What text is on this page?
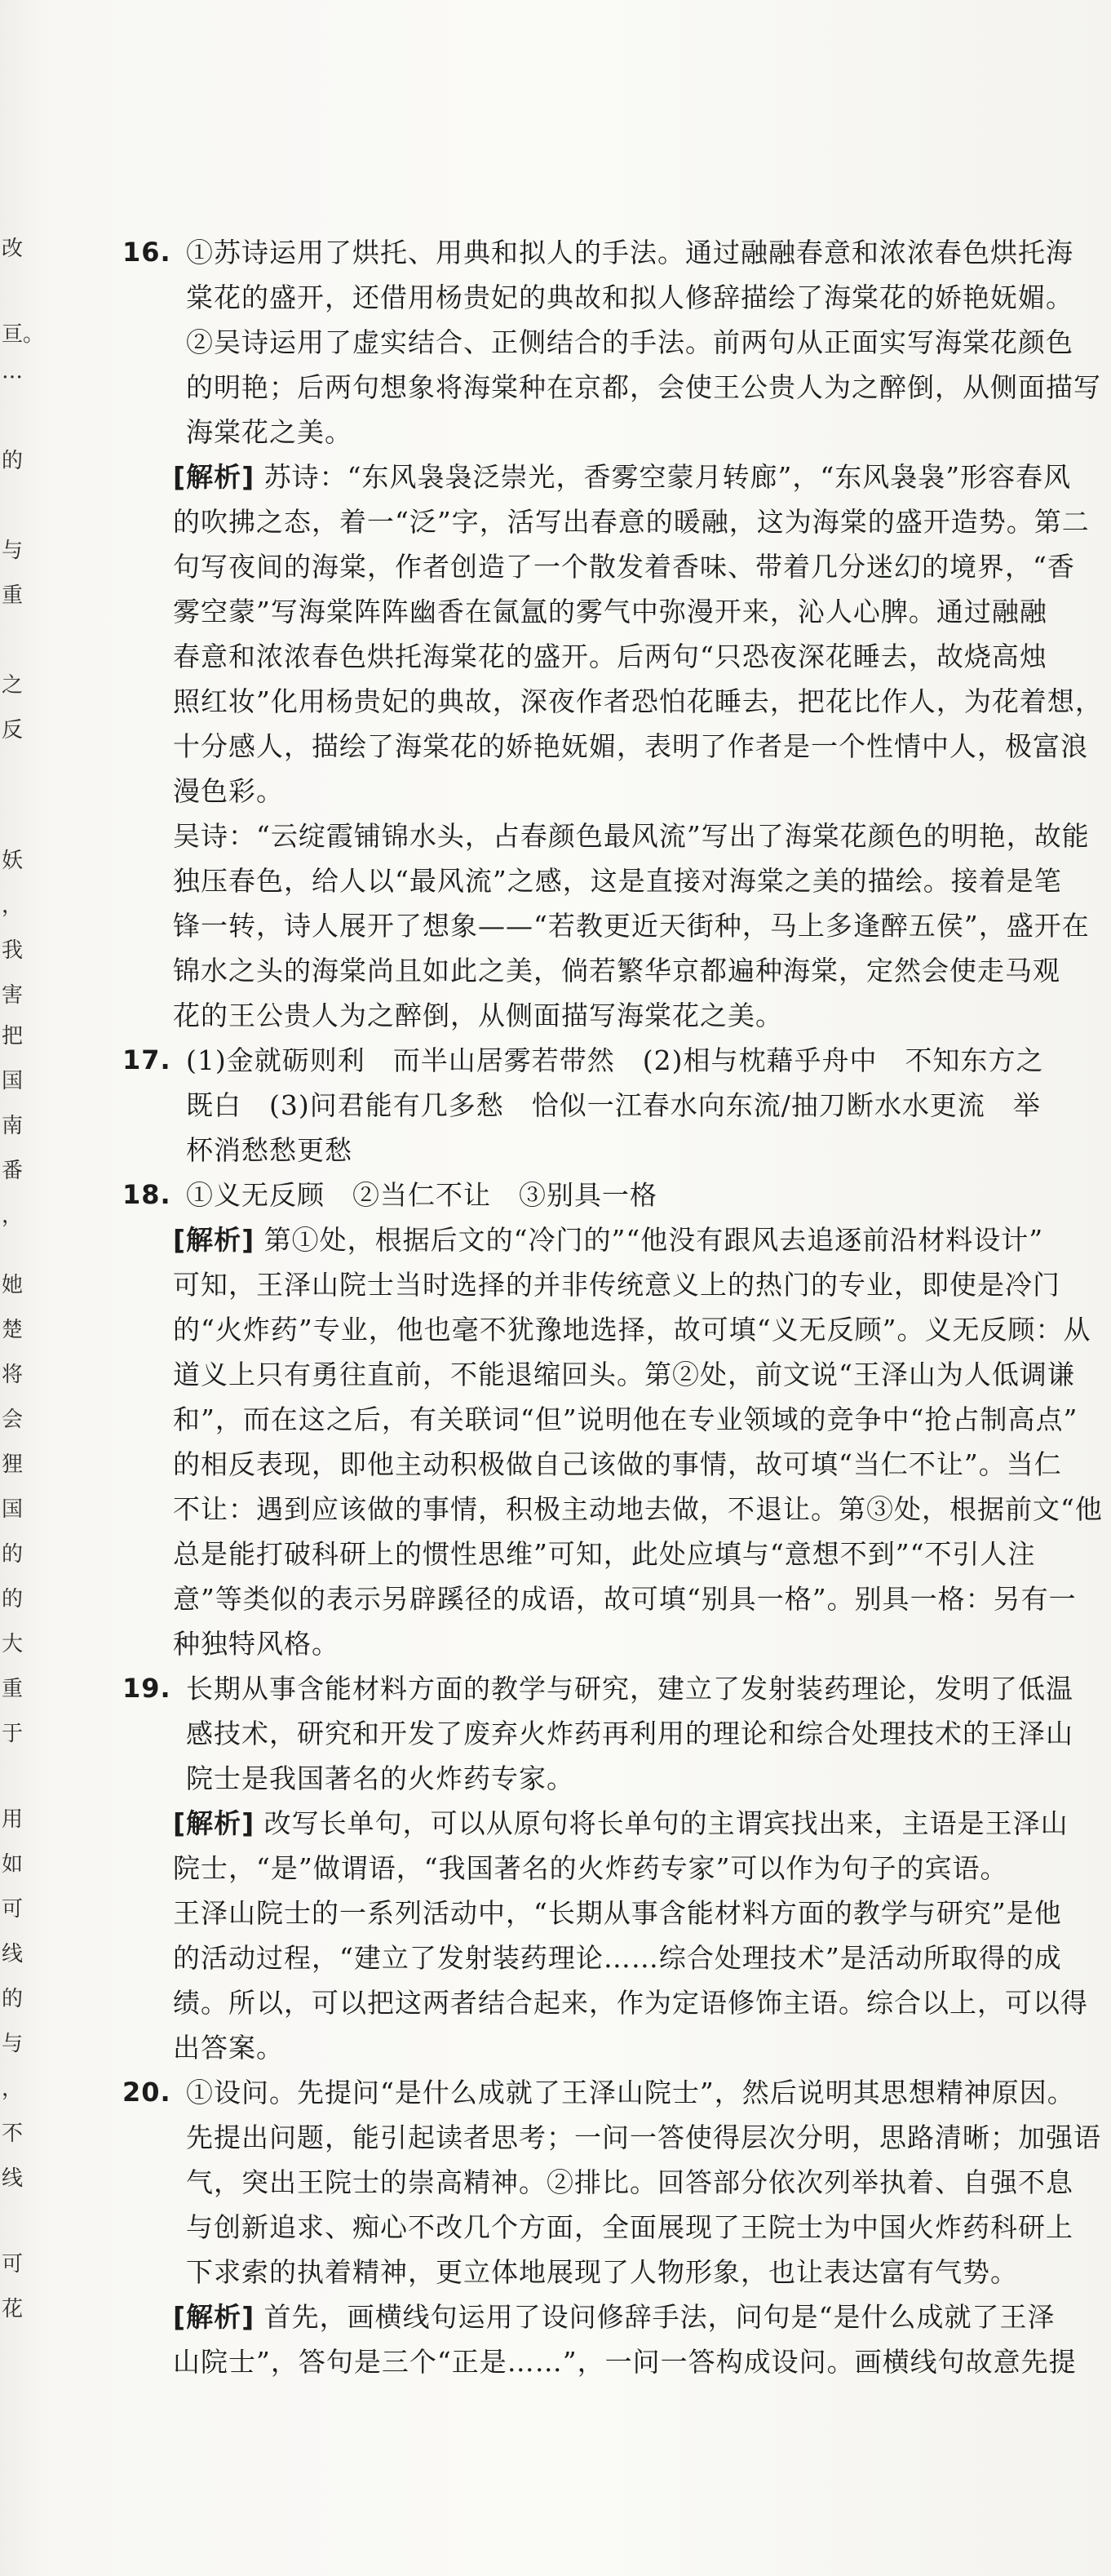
改
亘。
…
的
与
重
之
反
妖
，
我
害
把
国
南
番
，
她
楚
将
会
狸
国
的
的
大
重
于
用
如
可
线
的
与
，
不
线
可
花
16. ①苏诗运用了烘托、用典和拟人的手法。通过融融春意和浓浓春色烘托海
棠花的盛开，还借用杨贵妃的典故和拟人修辞描绘了海棠花的娇艳妩媚。
②吴诗运用了虚实结合、正侧结合的手法。前两句从正面实写海棠花颜色
的明艳；后两句想象将海棠种在京都，会使王公贵人为之醉倒，从侧面描写
海棠花之美。
[解析] 苏诗：“东风袅袅泛崇光，香雾空蒙月转廊”，“东风袅袅”形容春风
的吹拂之态，着一“泛”字，活写出春意的暖融，这为海棠的盛开造势。第二
句写夜间的海棠，作者创造了一个散发着香味、带着几分迷幻的境界，“香
雾空蒙”写海棠阵阵幽香在氤氲的雾气中弥漫开来，沁人心脾。通过融融
春意和浓浓春色烘托海棠花的盛开。后两句“只恐夜深花睡去，故烧高烛
照红妆”化用杨贵妃的典故，深夜作者恐怕花睡去，把花比作人，为花着想，
十分感人，描绘了海棠花的娇艳妩媚，表明了作者是一个性情中人，极富浪
漫色彩。
吴诗：“云绽霞铺锦水头，占春颜色最风流”写出了海棠花颜色的明艳，故能
独压春色，给人以“最风流”之感，这是直接对海棠之美的描绘。接着是笔
锋一转，诗人展开了想象——“若教更近天街种，马上多逢醉五侯”，盛开在
锦水之头的海棠尚且如此之美，倘若繁华京都遍种海棠，定然会使走马观
花的王公贵人为之醉倒，从侧面描写海棠花之美。
17. (1)金就砺则利　而半山居雾若带然　(2)相与枕藉乎舟中　不知东方之
既白　(3)问君能有几多愁　恰似一江春水向东流/抽刀断水水更流　举
杯消愁愁更愁
18. ①义无反顾　②当仁不让　③别具一格
[解析] 第①处，根据后文的“冷门的”“他没有跟风去追逐前沿材料设计”
可知，王泽山院士当时选择的并非传统意义上的热门的专业，即使是冷门
的“火炸药”专业，他也毫不犹豫地选择，故可填“义无反顾”。义无反顾：从
道义上只有勇往直前，不能退缩回头。第②处，前文说“王泽山为人低调谦
和”，而在这之后，有关联词“但”说明他在专业领域的竞争中“抢占制高点”
的相反表现，即他主动积极做自己该做的事情，故可填“当仁不让”。当仁
不让：遇到应该做的事情，积极主动地去做，不退让。第③处，根据前文“他
总是能打破科研上的惯性思维”可知，此处应填与“意想不到”“不引人注
意”等类似的表示另辟蹊径的成语，故可填“别具一格”。别具一格：另有一
种独特风格。
19. 长期从事含能材料方面的教学与研究，建立了发射装药理论，发明了低温
感技术，研究和开发了废弃火炸药再利用的理论和综合处理技术的王泽山
院士是我国著名的火炸药专家。
[解析] 改写长单句，可以从原句将长单句的主谓宾找出来，主语是王泽山
院士，“是”做谓语，“我国著名的火炸药专家”可以作为句子的宾语。
王泽山院士的一系列活动中，“长期从事含能材料方面的教学与研究”是他
的活动过程，“建立了发射装药理论……综合处理技术”是活动所取得的成
绩。所以，可以把这两者结合起来，作为定语修饰主语。综合以上，可以得
出答案。
20. ①设问。先提问“是什么成就了王泽山院士”，然后说明其思想精神原因。
先提出问题，能引起读者思考；一问一答使得层次分明，思路清晰；加强语
气，突出王院士的崇高精神。②排比。回答部分依次列举执着、自强不息
与创新追求、痴心不改几个方面，全面展现了王院士为中国火炸药科研上
下求索的执着精神，更立体地展现了人物形象，也让表达富有气势。
[解析] 首先，画横线句运用了设问修辞手法，问句是“是什么成就了王泽
山院士”，答句是三个“正是……”，一问一答构成设问。画横线句故意先提
